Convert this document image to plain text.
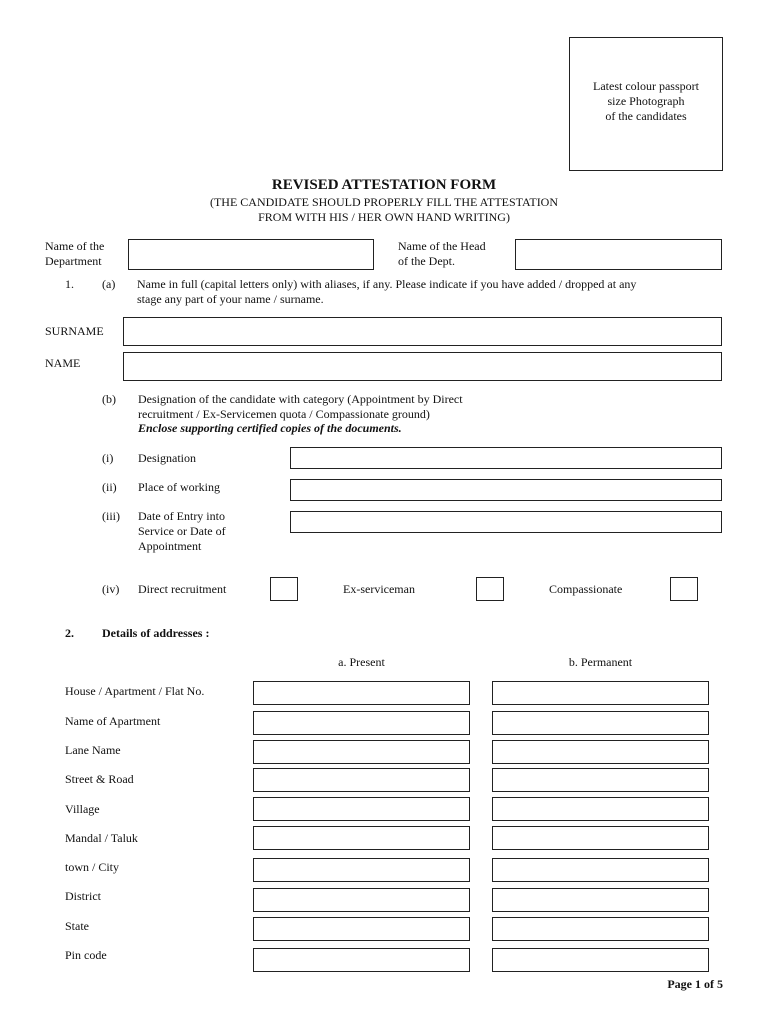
Latest colour passport
size Photograph
of the candidates
REVISED ATTESTATION FORM
(THE CANDIDATE SHOULD PROPERLY FILL THE ATTESTATION
FROM WITH HIS / HER OWN HAND WRITING)
Name of the
Department
Name of the Head
of the Dept.
1. (a) Name in full (capital letters only) with aliases, if any. Please indicate if you have added / dropped at any
stage any part of your name / surname.
SURNAME
NAME
(b) Designation of the candidate with category (Appointment by Direct
recruitment / Ex-Servicemen quota / Compassionate ground)
Enclose supporting certified copies of the documents.
(i) Designation
(ii) Place of working
(iii) Date of Entry into
Service or Date of
Appointment
(iv) Direct recruitment	Ex-serviceman	Compassionate
2. Details of addresses :
a. Present	b. Permanent
House / Apartment / Flat No.
Name of Apartment
Lane Name
Street & Road
Village
Mandal / Taluk
town / City
District
State
Pin code
Page 1 of 5
